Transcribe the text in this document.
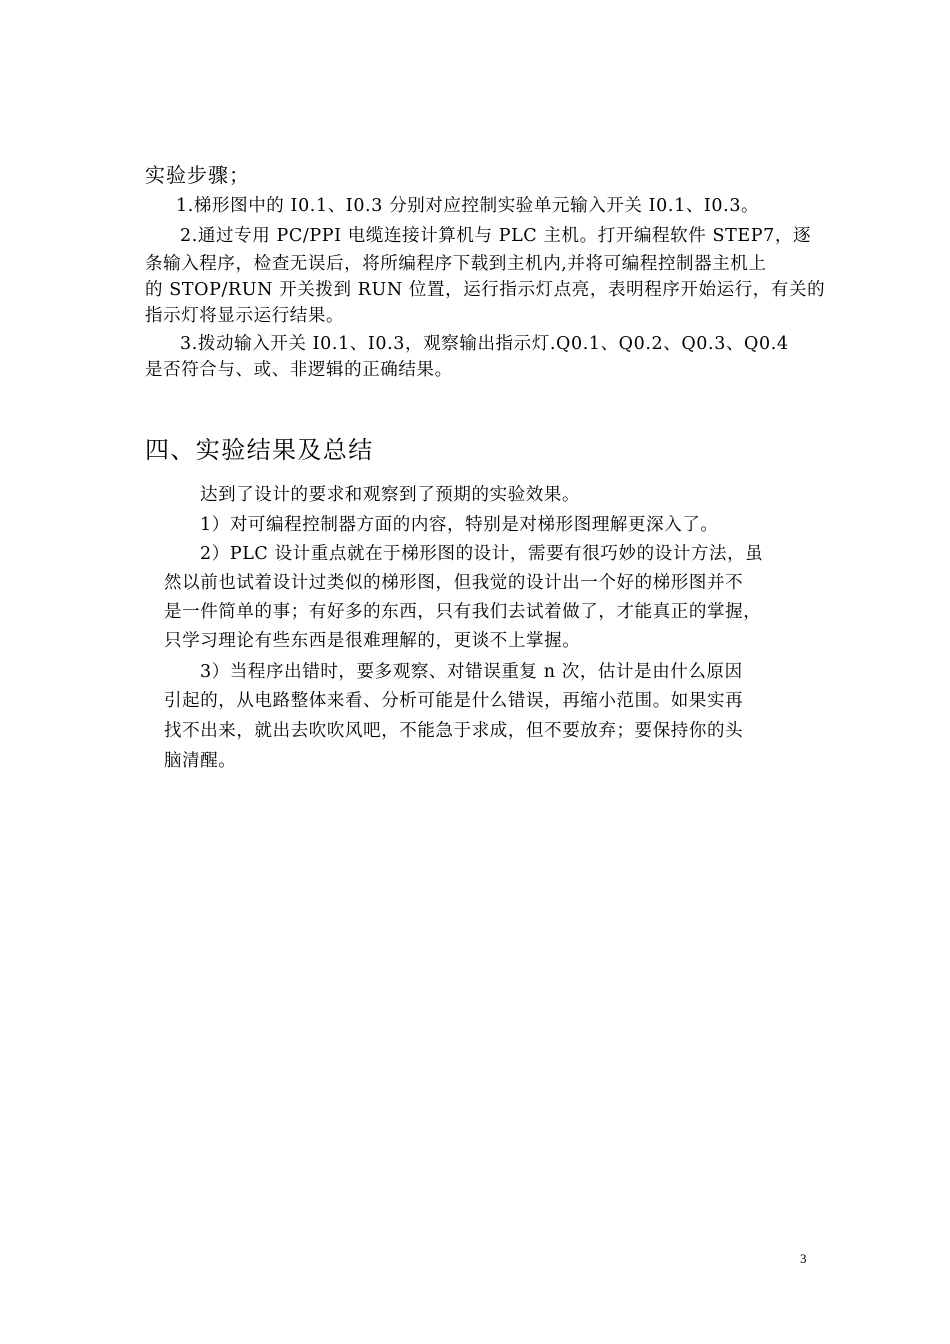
实验步骤；
1.梯形图中的 I0.1、I0.3 分别对应控制实验单元输入开关 I0.1、I0.3。
2.通过专用 PC/PPI 电缆连接计算机与 PLC 主机。打开编程软件 STEP7，逐
条输入程序，检查无误后，将所编程序下载到主机内,并将可编程控制器主机上
的 STOP/RUN 开关拨到 RUN 位置，运行指示灯点亮，表明程序开始运行，有关的
指示灯将显示运行结果。
3.拨动输入开关 I0.1、I0.3，观察输出指示灯.Q0.1、Q0.2、Q0.3、Q0.4
是否符合与、或、非逻辑的正确结果。
四、实验结果及总结
达到了设计的要求和观察到了预期的实验效果。
1）对可编程控制器方面的内容，特别是对梯形图理解更深入了。
2）PLC 设计重点就在于梯形图的设计，需要有很巧妙的设计方法，虽
然以前也试着设计过类似的梯形图，但我觉的设计出一个好的梯形图并不
是一件简单的事；有好多的东西，只有我们去试着做了，才能真正的掌握，
只学习理论有些东西是很难理解的，更谈不上掌握。
3）当程序出错时，要多观察、对错误重复 n 次，估计是由什么原因
引起的，从电路整体来看、分析可能是什么错误，再缩小范围。如果实再
找不出来，就出去吹吹风吧，不能急于求成，但不要放弃；要保持你的头
脑清醒。
3
